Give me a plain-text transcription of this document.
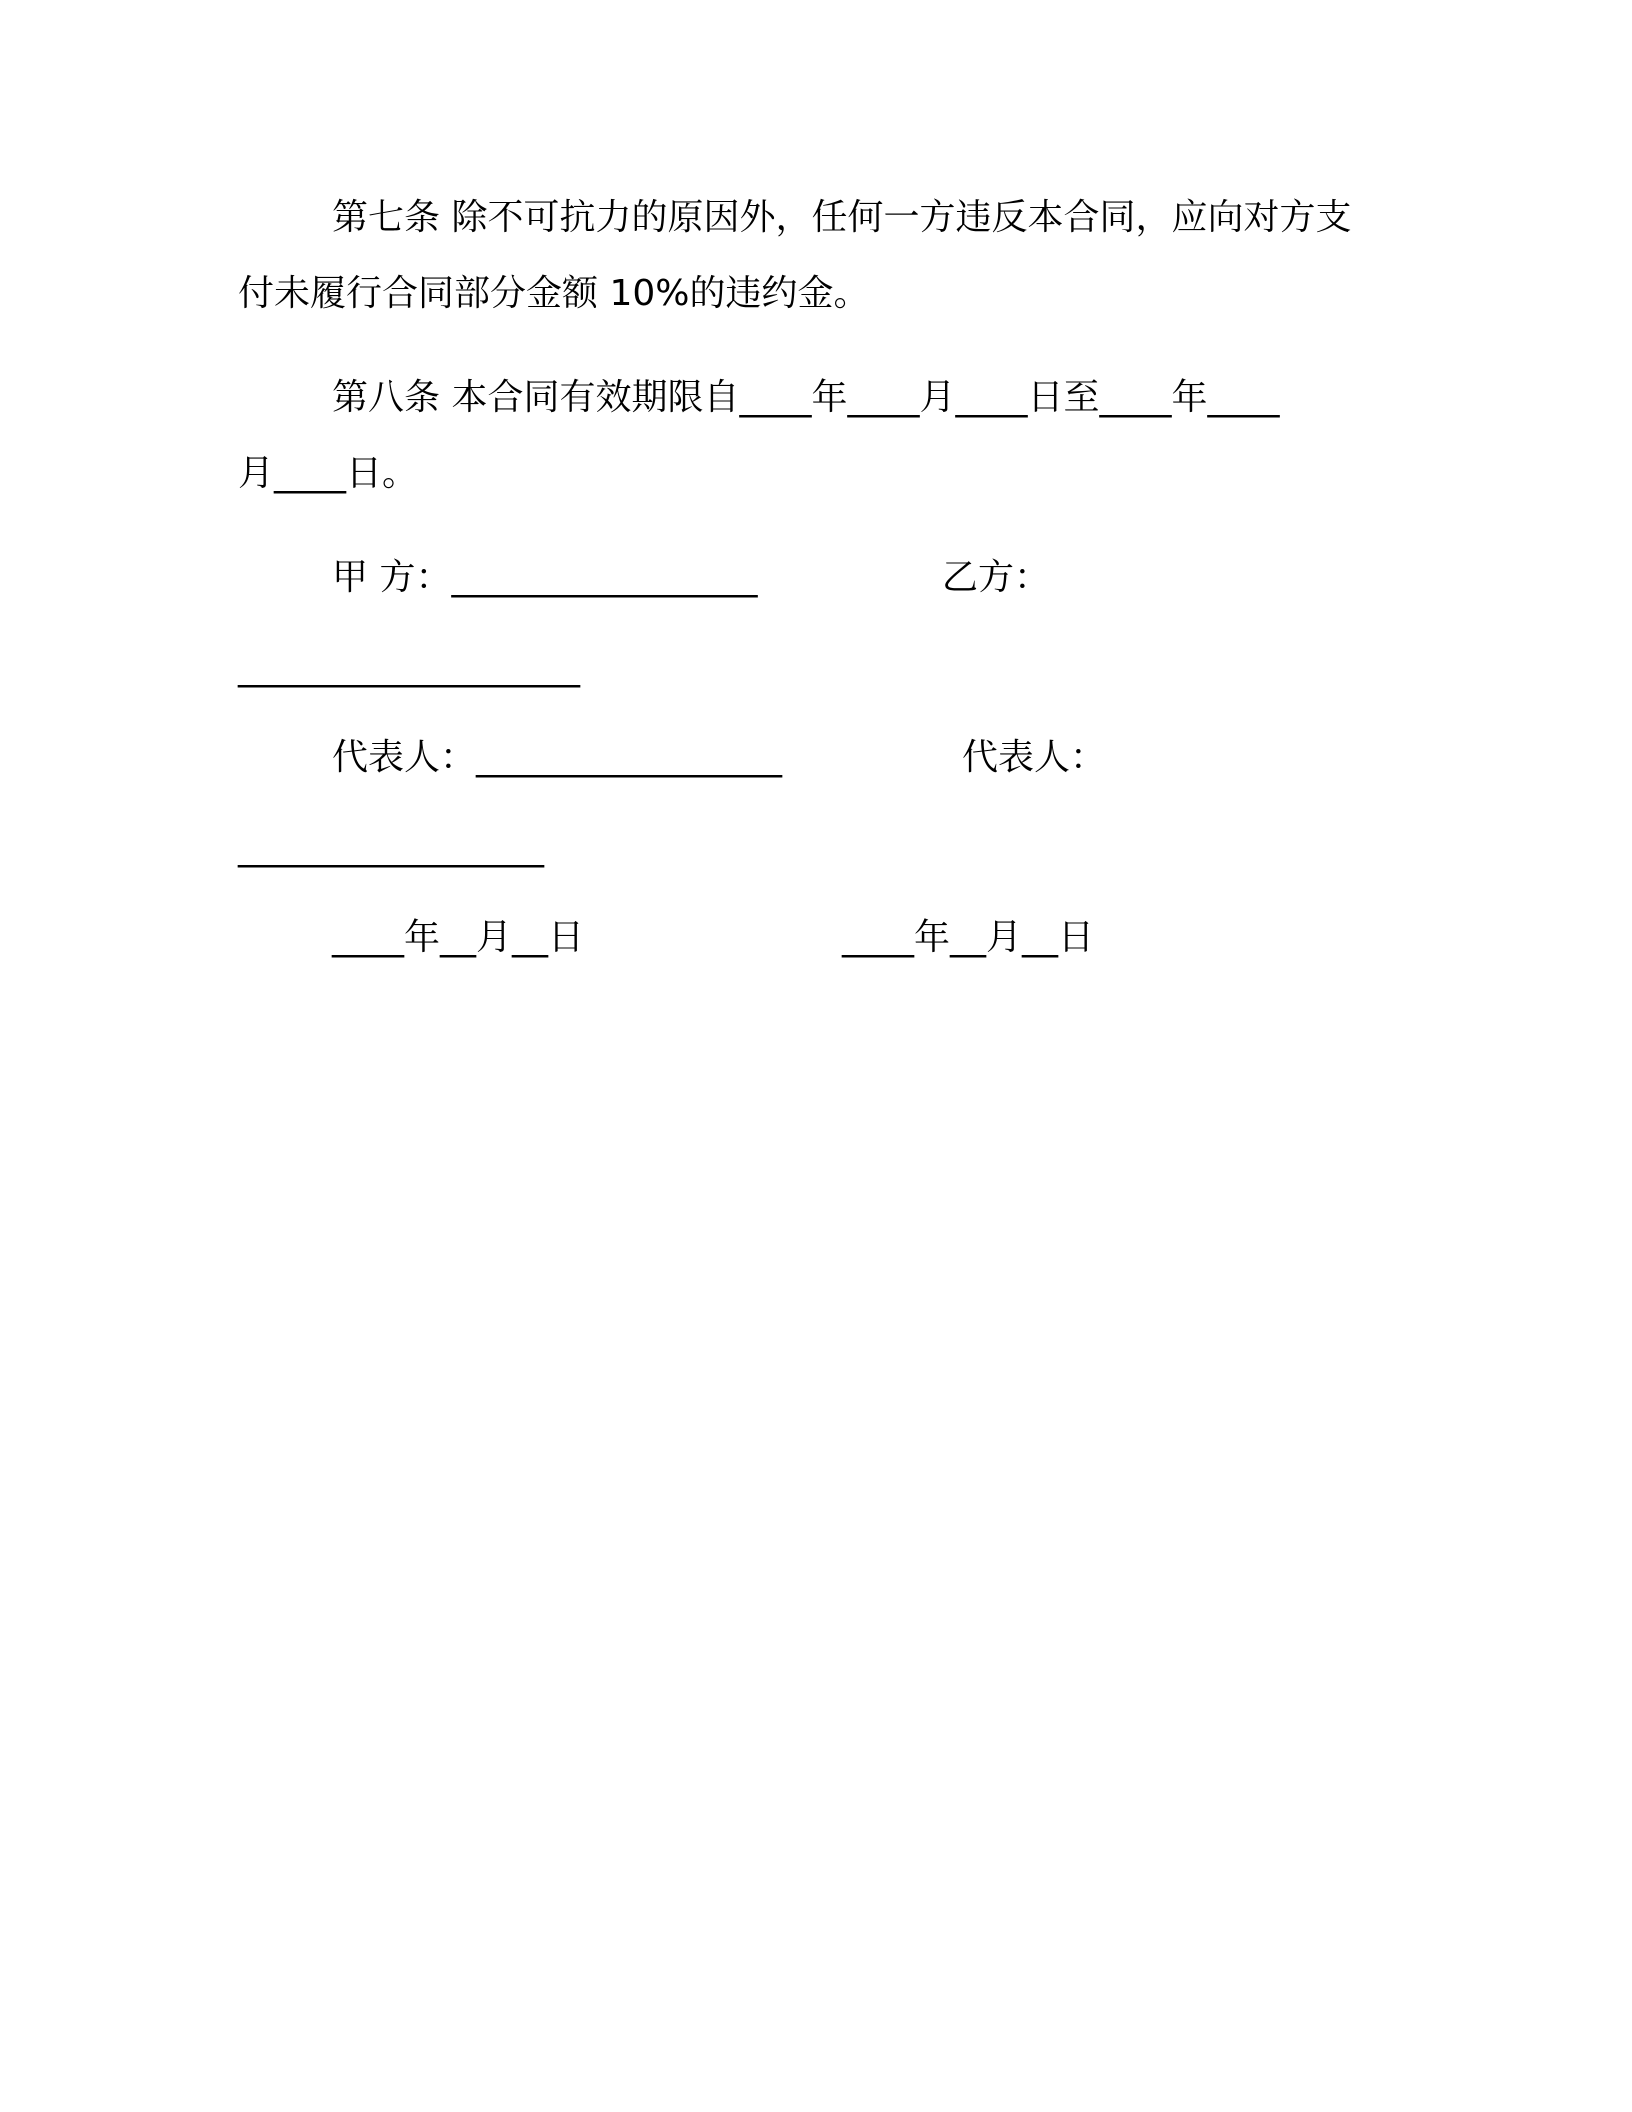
第七条 除不可抗力的原因外，任何一方违反本合同，应向对方支

付未履行合同部分金额 10%的违约金。

第八条 本合同有效期限自____年____月____日至____年____

月____日。

甲 方：_________________	乙方：

___________________

代表人：_________________	代表人：

_________________

____年__月__日	____年__月__日
